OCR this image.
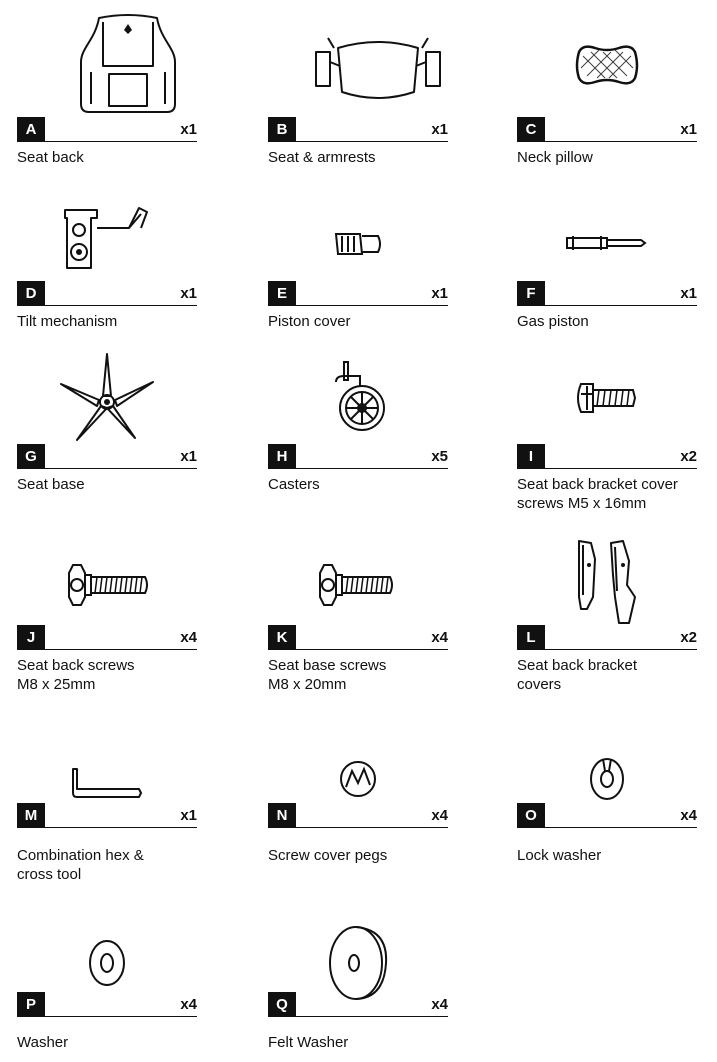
A	x1
Seat back
B	x1
Seat & armrests
C	x1
Neck pillow
D	x1
Tilt mechanism
E	x1
Piston cover
F	x1
Gas piston
G	x1
Seat base
H	x5
Casters
I	x2
Seat back bracket cover
screws M5 x 16mm
J	x4
Seat back screws
M8 x 25mm
K	x4
Seat base screws
M8 x 20mm
L	x2
Seat back bracket
covers
M	x1
Combination hex &
cross tool
N	x4
Screw cover pegs
O	x4
Lock washer
P	x4
Washer
Q	x4
Felt Washer
